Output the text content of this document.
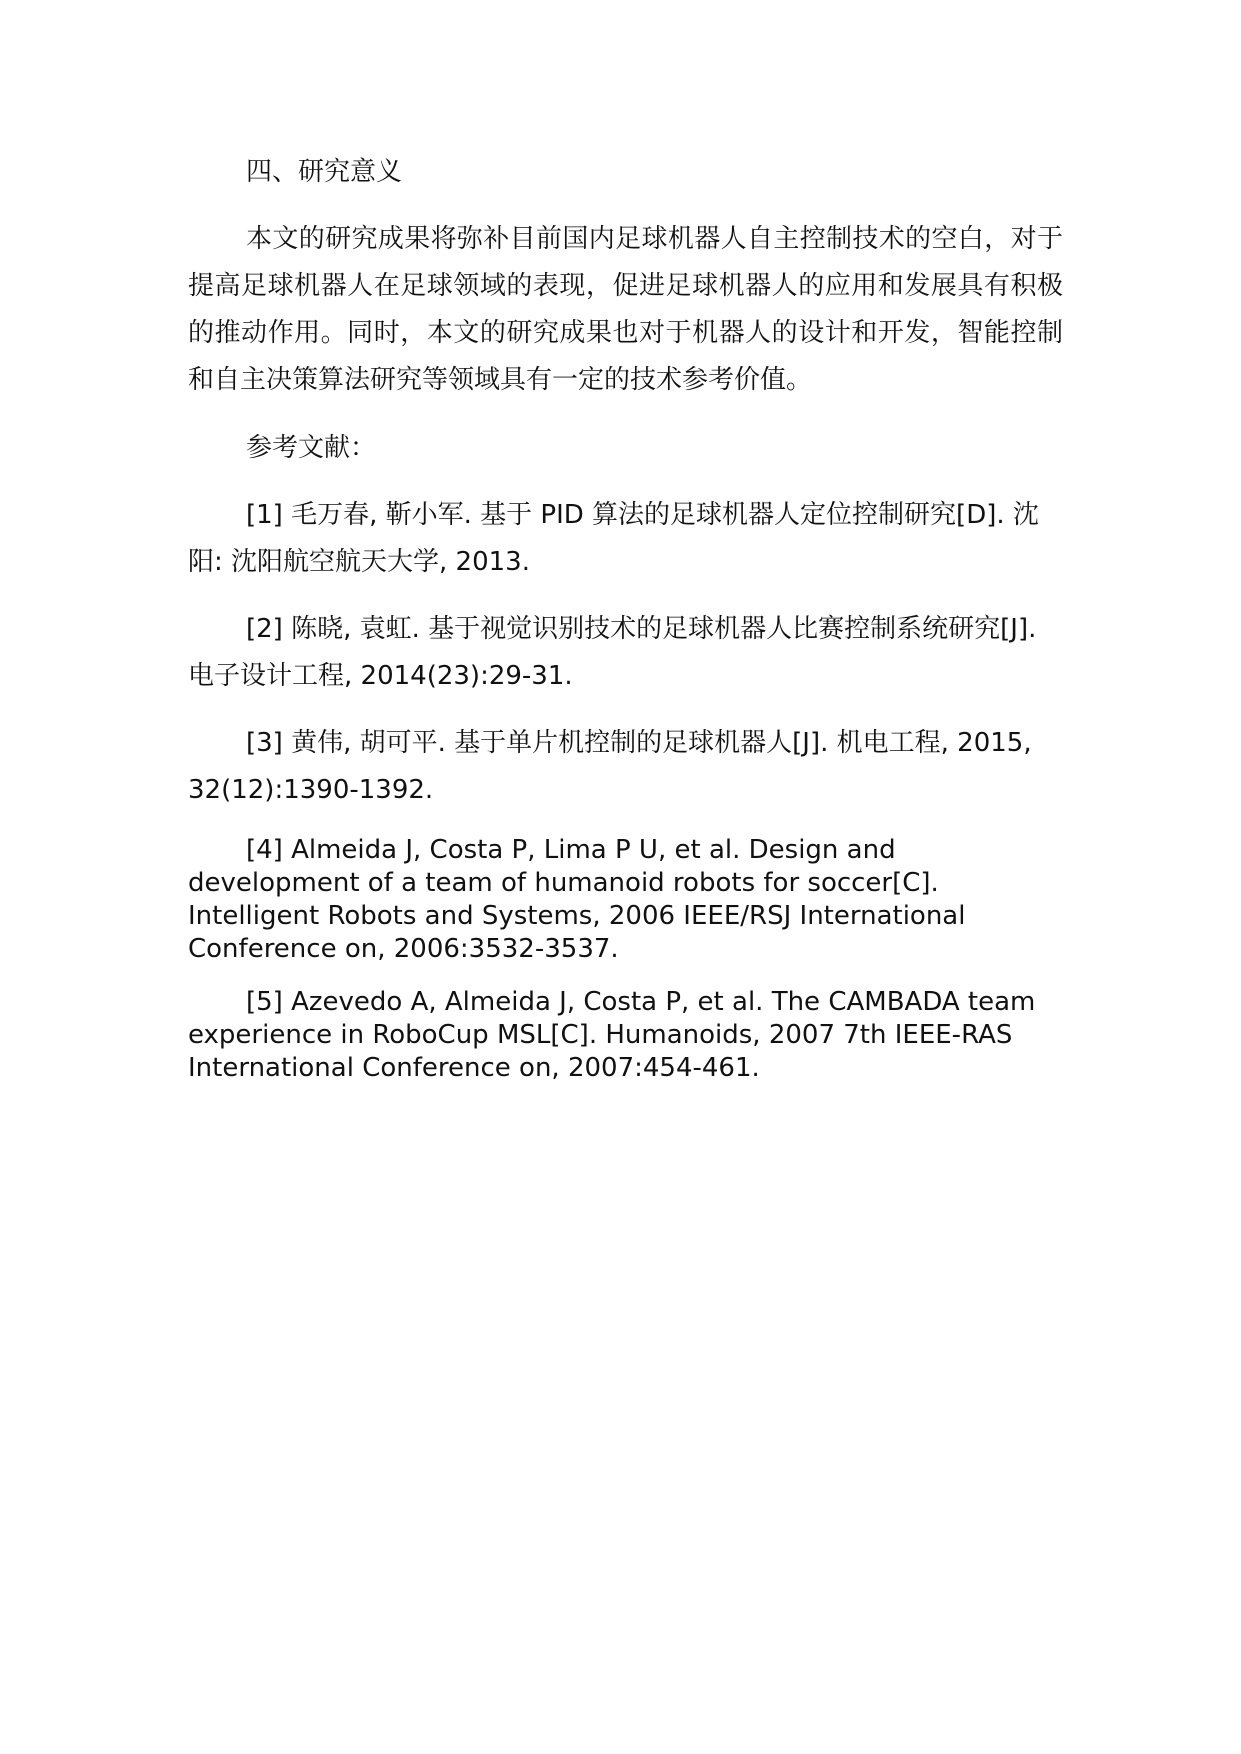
四、研究意义

本文的研究成果将弥补目前国内足球机器人自主控制技术的空白，对于提高足球机器人在足球领域的表现，促进足球机器人的应用和发展具有积极的推动作用。同时，本文的研究成果也对于机器人的设计和开发，智能控制和自主决策算法研究等领域具有一定的技术参考价值。

参考文献：

[1] 毛万春, 靳小军. 基于 PID 算法的足球机器人定位控制研究[D]. 沈阳: 沈阳航空航天大学, 2013.

[2] 陈晓, 袁虹. 基于视觉识别技术的足球机器人比赛控制系统研究[J]. 电子设计工程, 2014(23):29-31.

[3] 黄伟, 胡可平. 基于单片机控制的足球机器人[J]. 机电工程, 2015, 32(12):1390-1392.

[4] Almeida J, Costa P, Lima P U, et al. Design and development of a team of humanoid robots for soccer[C]. Intelligent Robots and Systems, 2006 IEEE/RSJ International Conference on, 2006:3532-3537.

[5] Azevedo A, Almeida J, Costa P, et al. The CAMBADA team experience in RoboCup MSL[C]. Humanoids, 2007 7th IEEE-RAS International Conference on, 2007:454-461.
